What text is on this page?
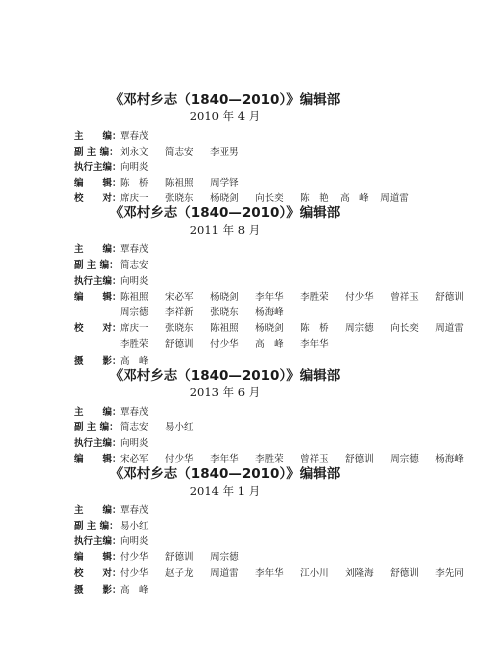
《邓村乡志（1840—2010）》编辑部
2010 年 4 月
主　　编：
覃春茂
副 主 编： 刘永文 简志安 李亚男
执行主编：
向明炎
编　　辑：
陈　桥 陈祖照 周学铎
校　　对：
席庆一 张晓东 杨晓剑 向长奕 陈　艳 高　峰 周道雷
《邓村乡志（1840—2010）》编辑部
2011 年 8 月
主　　编：
覃春茂
副 主 编： 简志安
执行主编：
向明炎
编　　辑：
陈祖照 宋必军 杨晓剑 李年华 李胜荣 付少华 曾祥玉 舒德训
周宗德 李祥新 张晓东 杨海峰
校　　对：
席庆一 张晓东 陈祖照 杨晓剑 陈　桥 周宗德 向长奕 周道雷
李胜荣 舒德训 付少华 高　峰 李年华
摄　　影：
高　峰
《邓村乡志（1840—2010）》编辑部
2013 年 6 月
主　　编：
覃春茂
副 主 编： 简志安 易小红
执行主编：
向明炎
编　　辑：
宋必军 付少华 李年华 李胜荣 曾祥玉 舒德训 周宗德 杨海峰
《邓村乡志（1840—2010）》编辑部
2014 年 1 月
主　　编：
覃春茂
副 主 编： 易小红
执行主编：
向明炎
编　　辑：
付少华 舒德训 周宗德
校　　对：
付少华 赵子龙 周道雷 李年华 江小川 刘隆海 舒德训 李先同
摄　　影：
高　峰
